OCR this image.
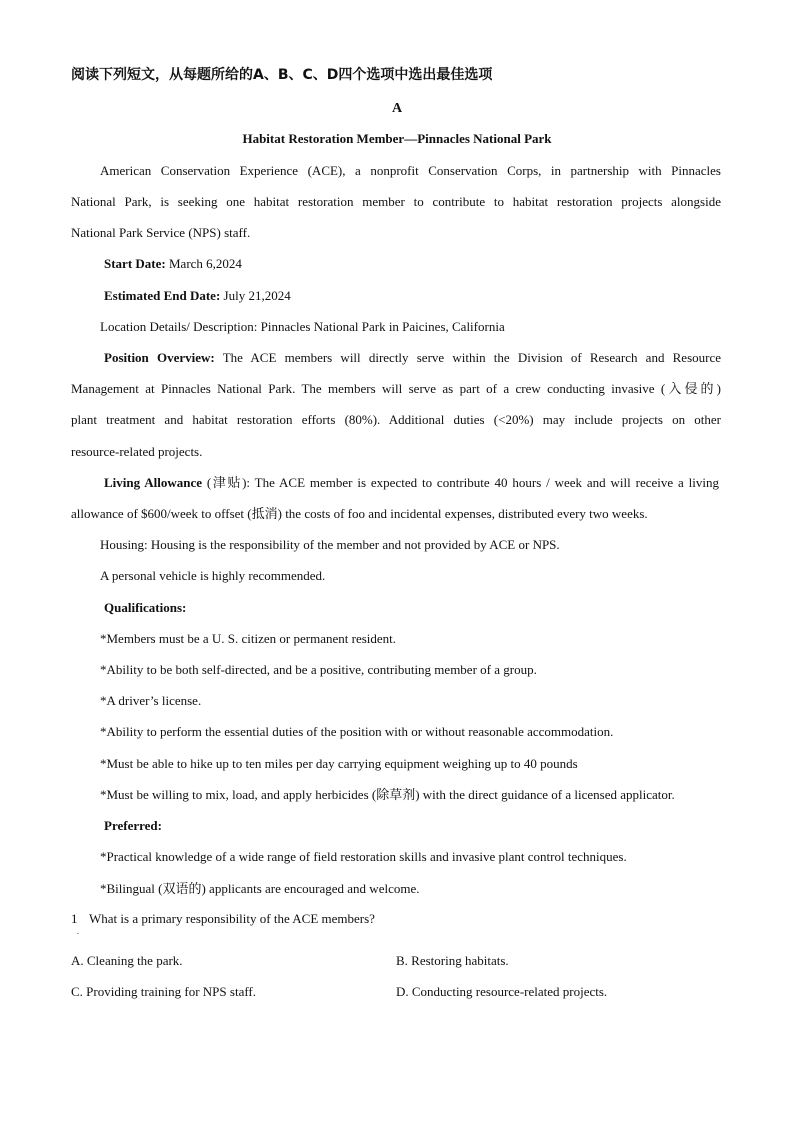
阅读下列短文，从每题所给的A、B、C、D四个选项中选出最佳选项
A
Habitat Restoration Member—Pinnacles National Park
American Conservation Experience (ACE), a nonprofit Conservation Corps, in partnership with Pinnacles
National Park, is seeking one habitat restoration member to contribute to habitat restoration projects alongside
National Park Service (NPS) staff.
Start Date: March 6,2024
Estimated End Date: July 21,2024
Location Details/ Description: Pinnacles National Park in Paicines, California
Position Overview: The ACE members will directly serve within the Division of Research and Resource
Management at Pinnacles National Park. The members will serve as part of a crew conducting invasive (入侵的)
plant treatment and habitat restoration efforts (80%). Additional duties (<20%) may include projects on other
resource-related projects.
Living Allowance (津贴): The ACE member is expected to contribute 40 hours / week and will receive a living
allowance of $600/week to offset (抵消) the costs of foo and incidental expenses, distributed every two weeks.
Housing: Housing is the responsibility of the member and not provided by ACE or NPS.
A personal vehicle is highly recommended.
Qualifications:
*Members must be a U. S. citizen or permanent resident.
*Ability to be both self-directed, and be a positive, contributing member of a group.
*A driver’s license.
*Ability to perform the essential duties of the position with or without reasonable accommodation.
*Must be able to hike up to ten miles per day carrying equipment weighing up to 40 pounds
*Must be willing to mix, load, and apply herbicides (除草剂) with the direct guidance of a licensed applicator.
Preferred:
*Practical knowledge of a wide range of field restoration skills and invasive plant control techniques.
*Bilingual (双语的) applicants are encouraged and welcome.
1
.
What is a primary responsibility of the ACE members?
A. Cleaning the park.	B. Restoring habitats.
C. Providing training for NPS staff.	D. Conducting resource-related projects.
